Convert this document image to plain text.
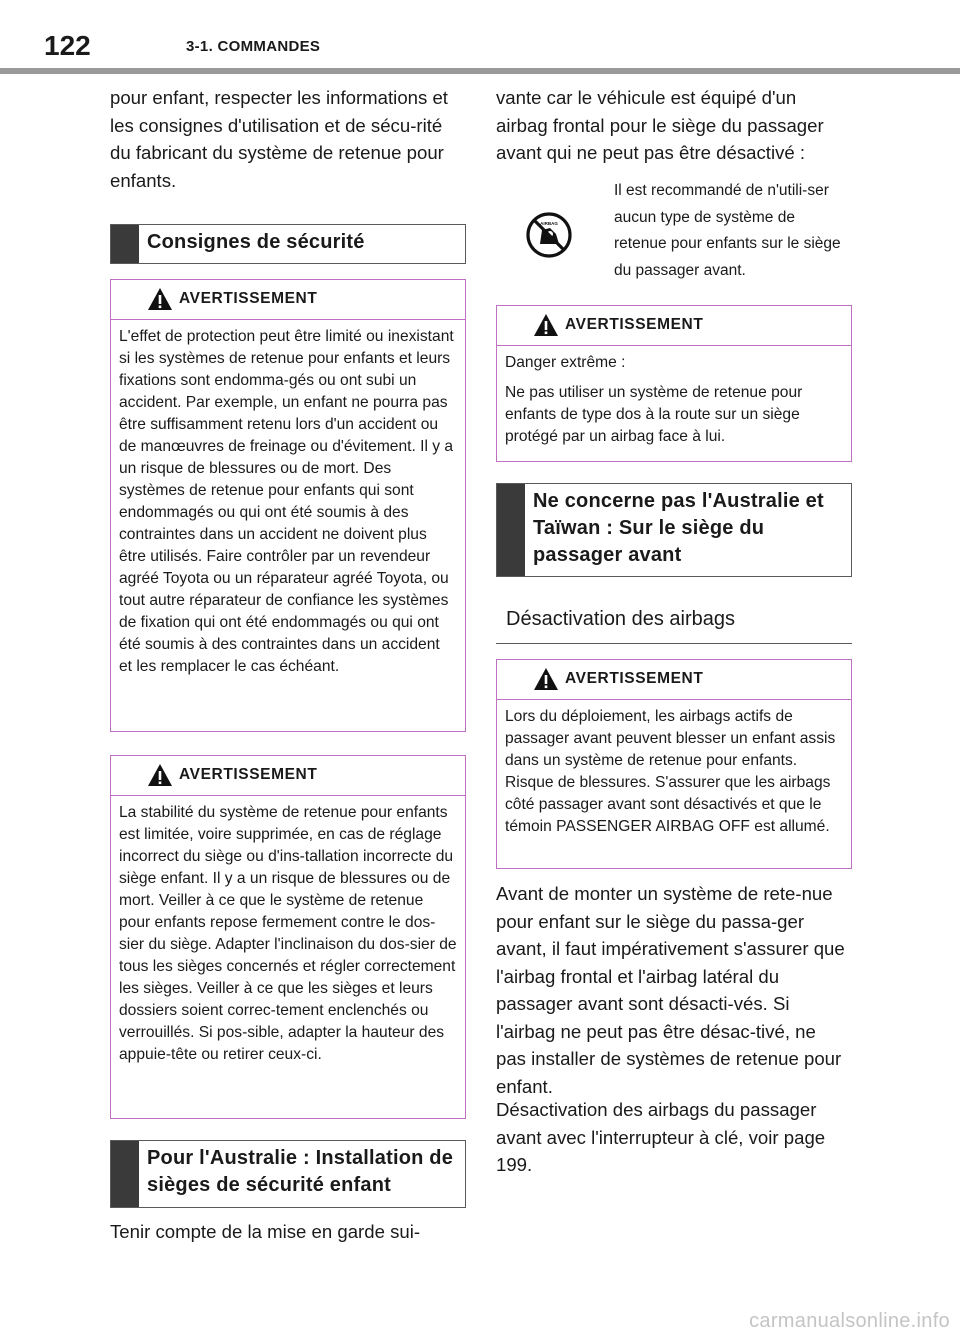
122	3-1. COMMANDES

pour enfant, respecter les informations et les consignes d'utilisation et de sécu-rité du fabricant du système de retenue pour enfants.

Consignes de sécurité
AVERTISSEMENT

L'effet de protection peut être limité ou inexistant si les systèmes de retenue pour enfants et leurs fixations sont endomma-gés ou ont subi un accident. Par exemple, un enfant ne pourra pas être suffisamment retenu lors d'un accident ou de manœuvres de freinage ou d'évitement. Il y a un risque de blessures ou de mort. Des systèmes de retenue pour enfants qui sont endommagés ou qui ont été soumis à des contraintes dans un accident ne doivent plus être utilisés. Faire contrôler par un revendeur agréé Toyota ou un réparateur agréé Toyota, ou tout autre réparateur de confiance les systèmes de fixation qui ont été endommagés ou qui ont été soumis à des contraintes dans un accident et les remplacer le cas échéant.

AVERTISSEMENT

La stabilité du système de retenue pour enfants est limitée, voire supprimée, en cas de réglage incorrect du siège ou d'ins-tallation incorrecte du siège enfant. Il y a un risque de blessures ou de mort. Veiller à ce que le système de retenue pour enfants repose fermement contre le dos-sier du siège. Adapter l'inclinaison du dos-sier de tous les sièges concernés et régler correctement les sièges. Veiller à ce que les sièges et leurs dossiers soient correc-tement enclenchés ou verrouillés. Si pos-sible, adapter la hauteur des appuie-tête ou retirer ceux-ci.

Pour l'Australie : Installation de sièges de sécurité enfant

Tenir compte de la mise en garde sui-

vante car le véhicule est équipé d'un airbag frontal pour le siège du passager avant qui ne peut pas être désactivé :

AIRBAG

Il est recommandé de n'utili-ser aucun type de système de retenue pour enfants sur le siège du passager avant.

AVERTISSEMENT

Danger extrême :

Ne pas utiliser un système de retenue pour enfants de type dos à la route sur un siège protégé par un airbag face à lui.

Ne concerne pas l'Australie et Taïwan : Sur le siège du passager avant
Désactivation des airbags
AVERTISSEMENT

Lors du déploiement, les airbags actifs de passager avant peuvent blesser un enfant assis dans un système de retenue pour enfants. Risque de blessures. S'assurer que les airbags côté passager avant sont désactivés et que le témoin PASSENGER AIRBAG OFF est allumé.

Avant de monter un système de rete-nue pour enfant sur le siège du passa-ger avant, il faut impérativement s'assurer que l'airbag frontal et l'airbag latéral du passager avant sont désacti-vés. Si l'airbag ne peut pas être désac-tivé, ne pas installer de systèmes de retenue pour enfant.

Désactivation des airbags du passager avant avec l'interrupteur à clé, voir page 199.

carmanualsonline.info
